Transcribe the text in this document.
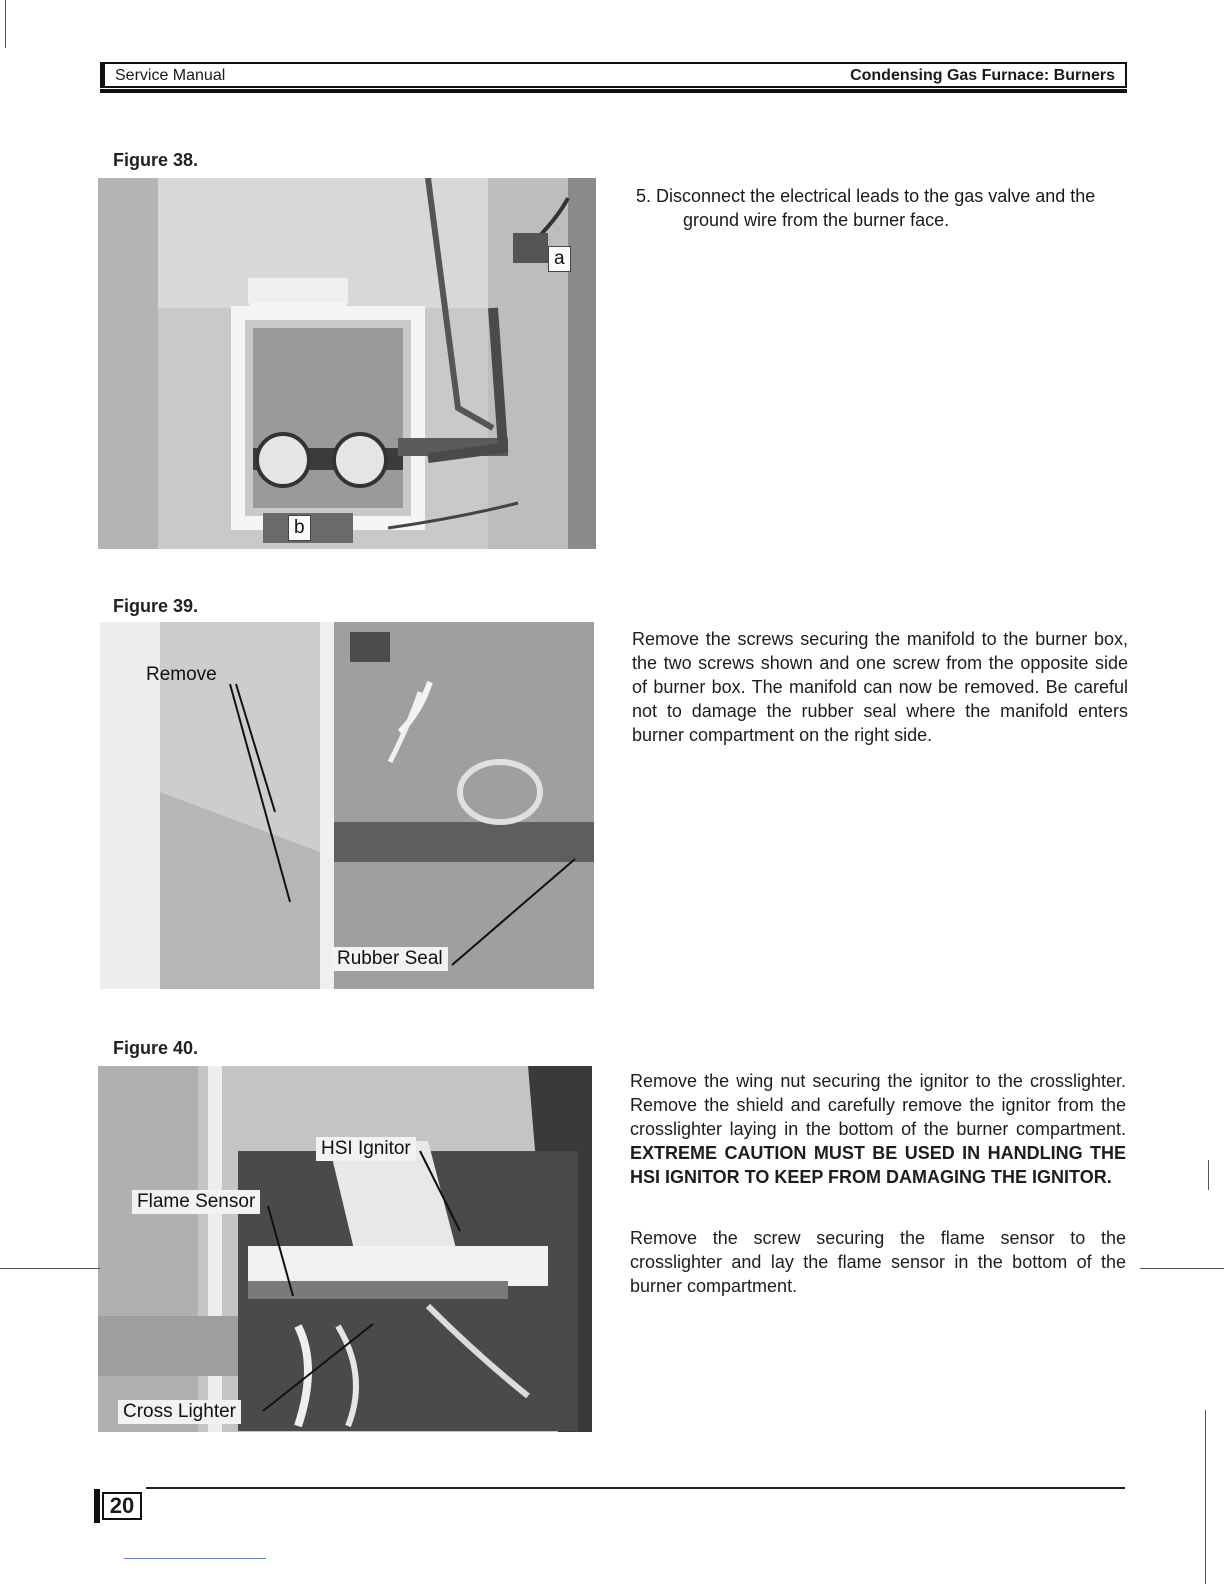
Service Manual	Condensing Gas Furnace: Burners
Figure 38.
a
b
5. Disconnect the electrical leads to the gas valve and the
ground wire from the burner face.
Figure 39.
Remove
Rubber Seal
Remove the screws securing the manifold to the burner box, the two screws shown and one screw from the opposite side of burner box. The manifold can now be removed. Be careful not to damage the rubber seal where the manifold enters burner compartment on the right side.
Figure 40.
HSI Ignitor
Flame Sensor
Cross Lighter
Remove the wing nut securing the ignitor to the crosslighter. Remove the shield and carefully remove the ignitor from the crosslighter laying in the bottom of the burner compartment. EXTREME CAUTION MUST BE USED IN HANDLING THE HSI IGNITOR TO KEEP FROM DAMAGING THE IGNITOR.
Remove the screw securing the flame sensor to the crosslighter and lay the flame sensor in the bottom of the burner compartment.
20
